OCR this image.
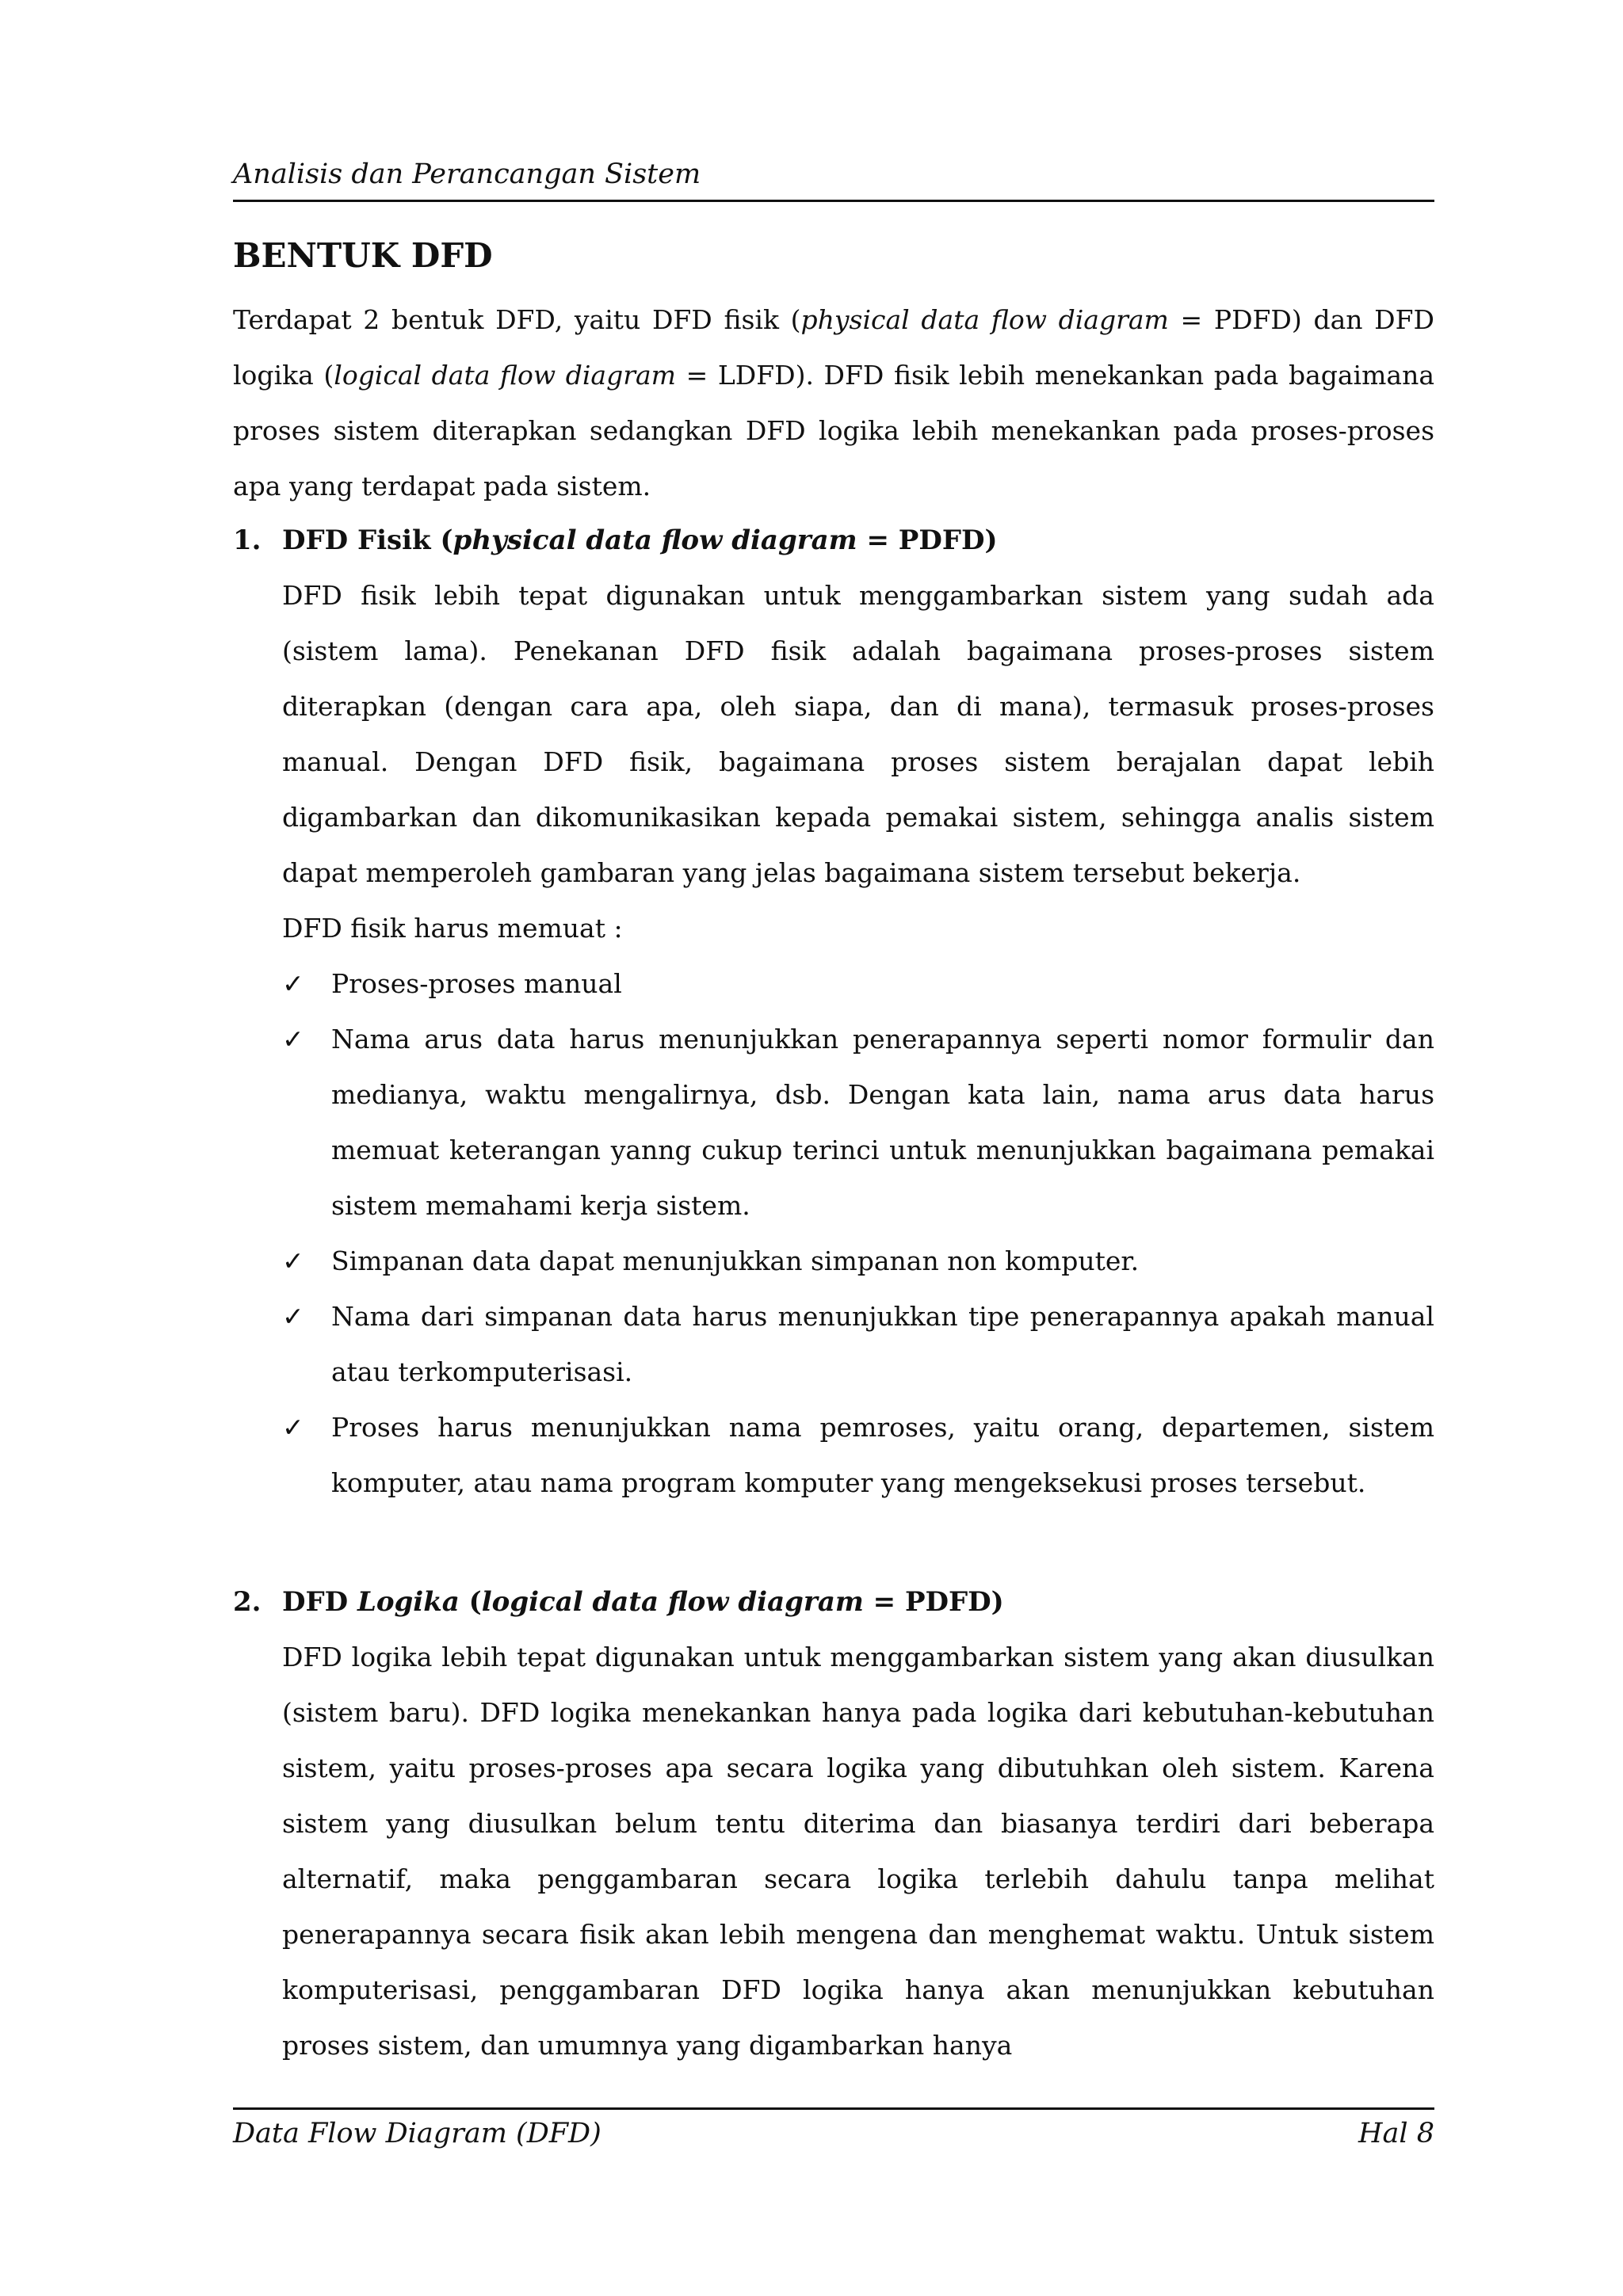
Analisis dan Perancangan Sistem
BENTUK DFD
Terdapat 2 bentuk DFD, yaitu DFD fisik (physical data flow diagram = PDFD) dan DFD logika (logical data flow diagram = LDFD). DFD fisik lebih menekankan pada bagaimana proses sistem diterapkan sedangkan DFD logika lebih menekankan pada proses-proses apa yang terdapat pada sistem.
1. DFD Fisik (physical data flow diagram = PDFD)
DFD fisik lebih tepat digunakan untuk menggambarkan sistem yang sudah ada (sistem lama). Penekanan DFD fisik adalah bagaimana proses-proses sistem diterapkan (dengan cara apa, oleh siapa, dan di mana), termasuk proses-proses manual. Dengan DFD fisik, bagaimana proses sistem berajalan dapat lebih digambarkan dan dikomunikasikan kepada pemakai sistem, sehingga analis sistem dapat memperoleh gambaran yang jelas bagaimana sistem tersebut bekerja.
DFD fisik harus memuat :
✓	Proses-proses manual
✓	Nama arus data harus menunjukkan penerapannya seperti nomor formulir dan medianya, waktu mengalirnya, dsb. Dengan kata lain, nama arus data harus memuat keterangan yanng cukup terinci untuk menunjukkan bagaimana pemakai sistem memahami kerja sistem.
✓	Simpanan data dapat menunjukkan simpanan non komputer.
✓	Nama dari simpanan data harus menunjukkan tipe penerapannya apakah manual atau terkomputerisasi.
✓	Proses harus menunjukkan nama pemroses, yaitu orang, departemen, sistem komputer, atau nama program komputer yang mengeksekusi proses tersebut.
2. DFD Logika (logical data flow diagram = PDFD)
DFD logika lebih tepat digunakan untuk menggambarkan sistem yang akan diusulkan (sistem baru). DFD logika menekankan hanya pada logika dari kebutuhan-kebutuhan sistem, yaitu proses-proses apa secara logika yang dibutuhkan oleh sistem. Karena sistem yang diusulkan belum tentu diterima dan biasanya terdiri dari beberapa alternatif, maka penggambaran secara logika terlebih dahulu tanpa melihat penerapannya secara fisik akan lebih mengena dan menghemat waktu. Untuk sistem komputerisasi, penggambaran DFD logika hanya akan menunjukkan kebutuhan proses sistem, dan umumnya yang digambarkan hanya
Data Flow Diagram (DFD)	Hal 8
